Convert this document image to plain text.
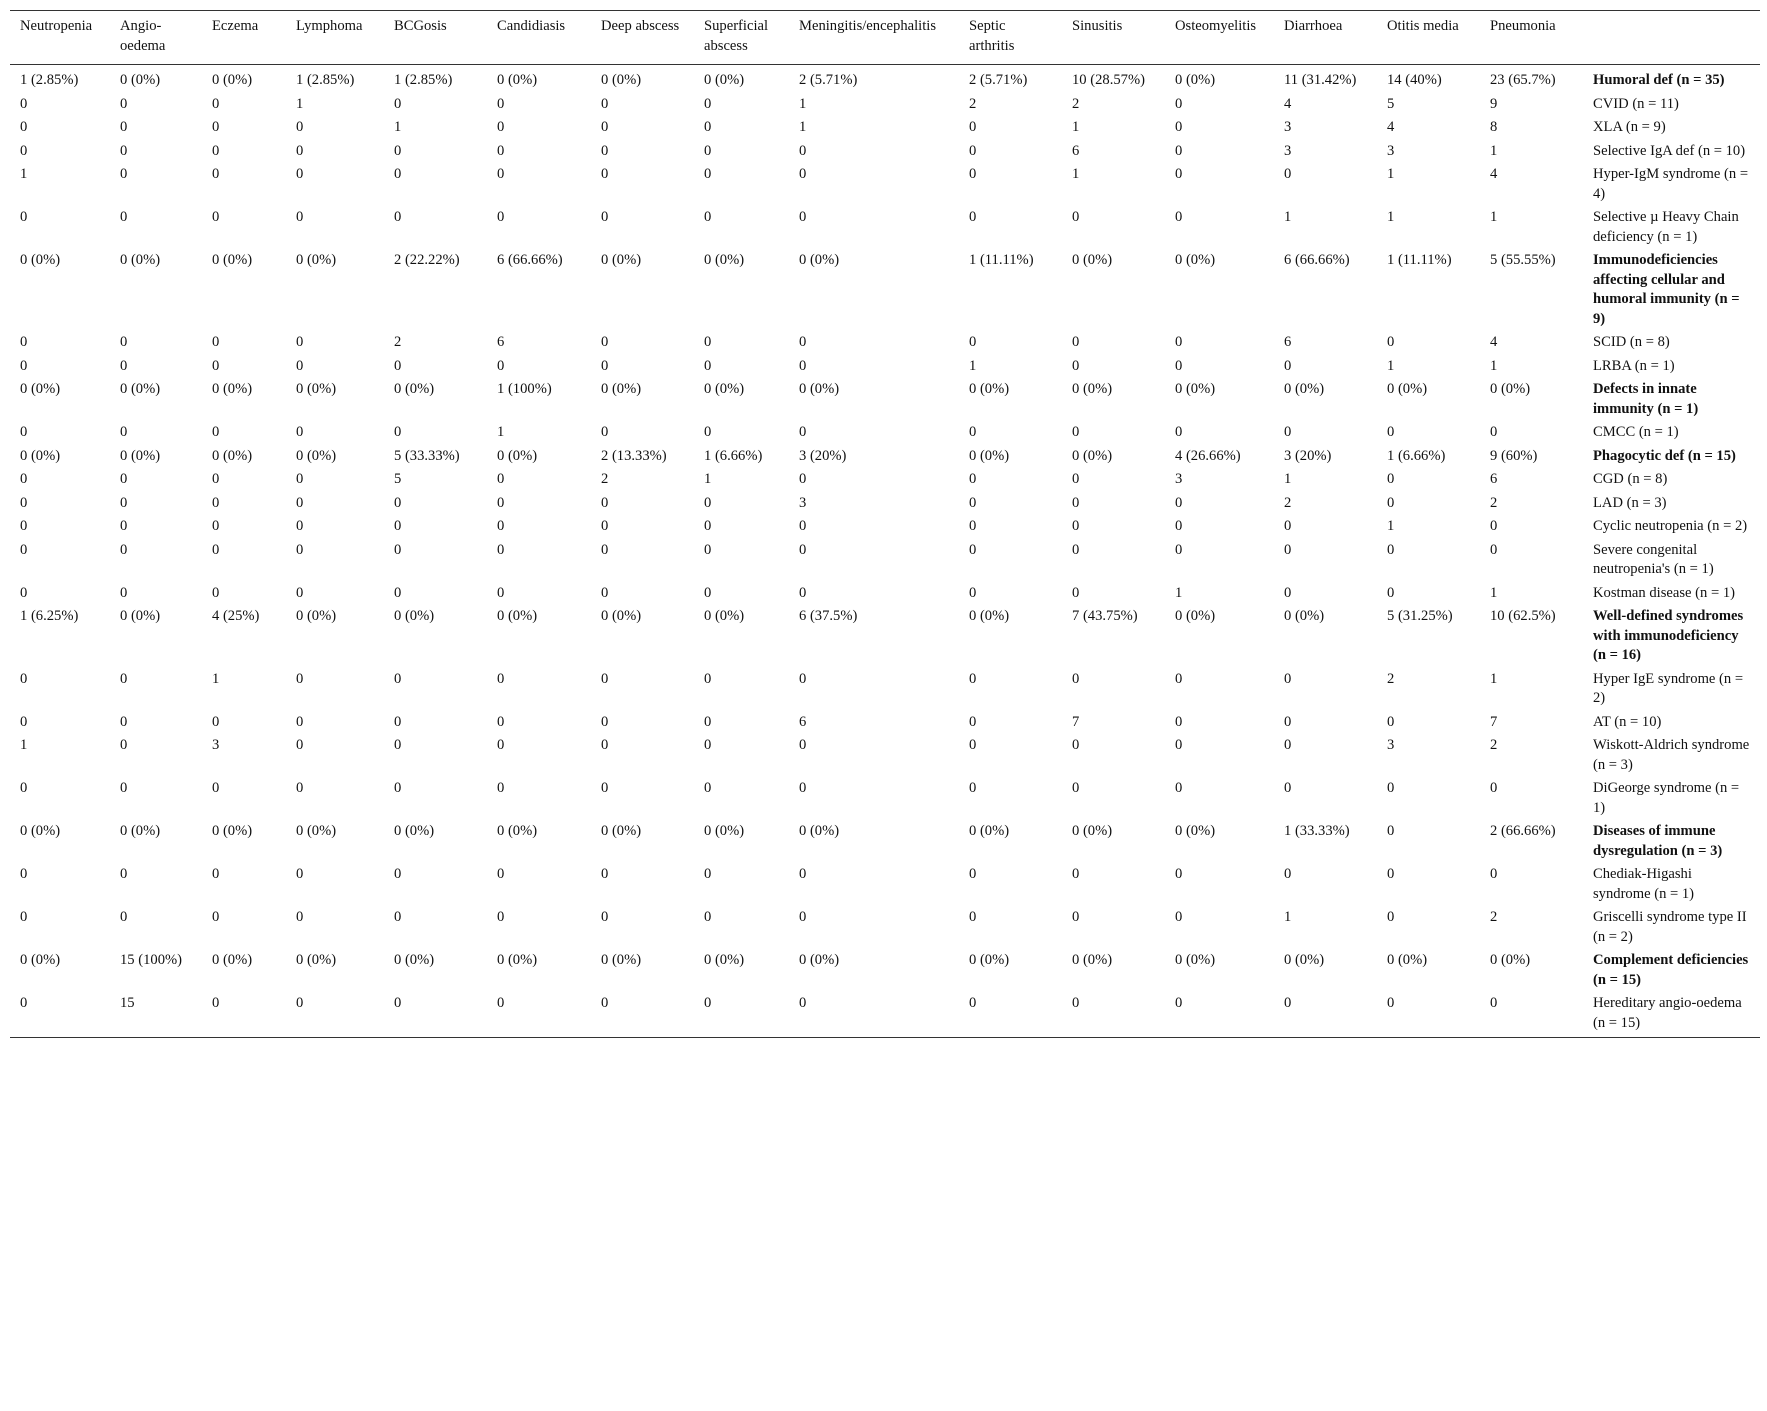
Neutropenia	Angio-oedema	Eczema	Lymphoma	BCGosis	Candidiasis	Deep abscess	Superficial abscess	Meningitis/encephalitis	Septic arthritis	Sinusitis	Osteomyelitis	Diarrhoea	Otitis media	Pneumonia	
1 (2.85%)	0 (0%)	0 (0%)	1 (2.85%)	1 (2.85%)	0 (0%)	0 (0%)	0 (0%)	2 (5.71%)	2 (5.71%)	10 (28.57%)	0 (0%)	11 (31.42%)	14 (40%)	23 (65.7%)	Humoral def (n = 35)
0	0	0	1	0	0	0	0	1	2	2	0	4	5	9	CVID (n = 11)
0	0	0	0	1	0	0	0	1	0	1	0	3	4	8	XLA (n = 9)
0	0	0	0	0	0	0	0	0	0	6	0	3	3	1	Selective IgA def (n = 10)
1	0	0	0	0	0	0	0	0	0	1	0	0	1	4	Hyper-IgM syndrome (n = 4)
0	0	0	0	0	0	0	0	0	0	0	0	1	1	1	Selective µ Heavy Chain deficiency (n = 1)
0 (0%)	0 (0%)	0 (0%)	0 (0%)	2 (22.22%)	6 (66.66%)	0 (0%)	0 (0%)	0 (0%)	1 (11.11%)	0 (0%)	0 (0%)	6 (66.66%)	1 (11.11%)	5 (55.55%)	Immunodeficiencies affecting cellular and humoral immunity (n = 9)
0	0	0	0	2	6	0	0	0	0	0	0	6	0	4	SCID (n = 8)
0	0	0	0	0	0	0	0	0	1	0	0	0	1	1	LRBA (n = 1)
0 (0%)	0 (0%)	0 (0%)	0 (0%)	0 (0%)	1 (100%)	0 (0%)	0 (0%)	0 (0%)	0 (0%)	0 (0%)	0 (0%)	0 (0%)	0 (0%)	0 (0%)	Defects in innate immunity (n = 1)
0	0	0	0	0	1	0	0	0	0	0	0	0	0	0	CMCC (n = 1)
0 (0%)	0 (0%)	0 (0%)	0 (0%)	5 (33.33%)	0 (0%)	2 (13.33%)	1 (6.66%)	3 (20%)	0 (0%)	0 (0%)	4 (26.66%)	3 (20%)	1 (6.66%)	9 (60%)	Phagocytic def (n = 15)
0	0	0	0	5	0	2	1	0	0	0	3	1	0	6	CGD (n = 8)
0	0	0	0	0	0	0	0	3	0	0	0	2	0	2	LAD (n = 3)
0	0	0	0	0	0	0	0	0	0	0	0	0	1	0	Cyclic neutropenia (n = 2)
0	0	0	0	0	0	0	0	0	0	0	0	0	0	0	Severe congenital neutropenia's (n = 1)
0	0	0	0	0	0	0	0	0	0	0	1	0	0	1	Kostman disease (n = 1)
1 (6.25%)	0 (0%)	4 (25%)	0 (0%)	0 (0%)	0 (0%)	0 (0%)	0 (0%)	6 (37.5%)	0 (0%)	7 (43.75%)	0 (0%)	0 (0%)	5 (31.25%)	10 (62.5%)	Well-defined syndromes with immunodeficiency (n = 16)
0	0	1	0	0	0	0	0	0	0	0	0	0	2	1	Hyper IgE syndrome (n = 2)
0	0	0	0	0	0	0	0	6	0	7	0	0	0	7	AT (n = 10)
1	0	3	0	0	0	0	0	0	0	0	0	0	3	2	Wiskott-Aldrich syndrome (n = 3)
0	0	0	0	0	0	0	0	0	0	0	0	0	0	0	DiGeorge syndrome (n = 1)
0 (0%)	0 (0%)	0 (0%)	0 (0%)	0 (0%)	0 (0%)	0 (0%)	0 (0%)	0 (0%)	0 (0%)	0 (0%)	0 (0%)	1 (33.33%)	0	2 (66.66%)	Diseases of immune dysregulation (n = 3)
0	0	0	0	0	0	0	0	0	0	0	0	0	0	0	Chediak-Higashi syndrome (n = 1)
0	0	0	0	0	0	0	0	0	0	0	0	1	0	2	Griscelli syndrome type II (n = 2)
0 (0%)	15 (100%)	0 (0%)	0 (0%)	0 (0%)	0 (0%)	0 (0%)	0 (0%)	0 (0%)	0 (0%)	0 (0%)	0 (0%)	0 (0%)	0 (0%)	0 (0%)	Complement deficiencies (n = 15)
0	15	0	0	0	0	0	0	0	0	0	0	0	0	0	Hereditary angio-oedema (n = 15)
